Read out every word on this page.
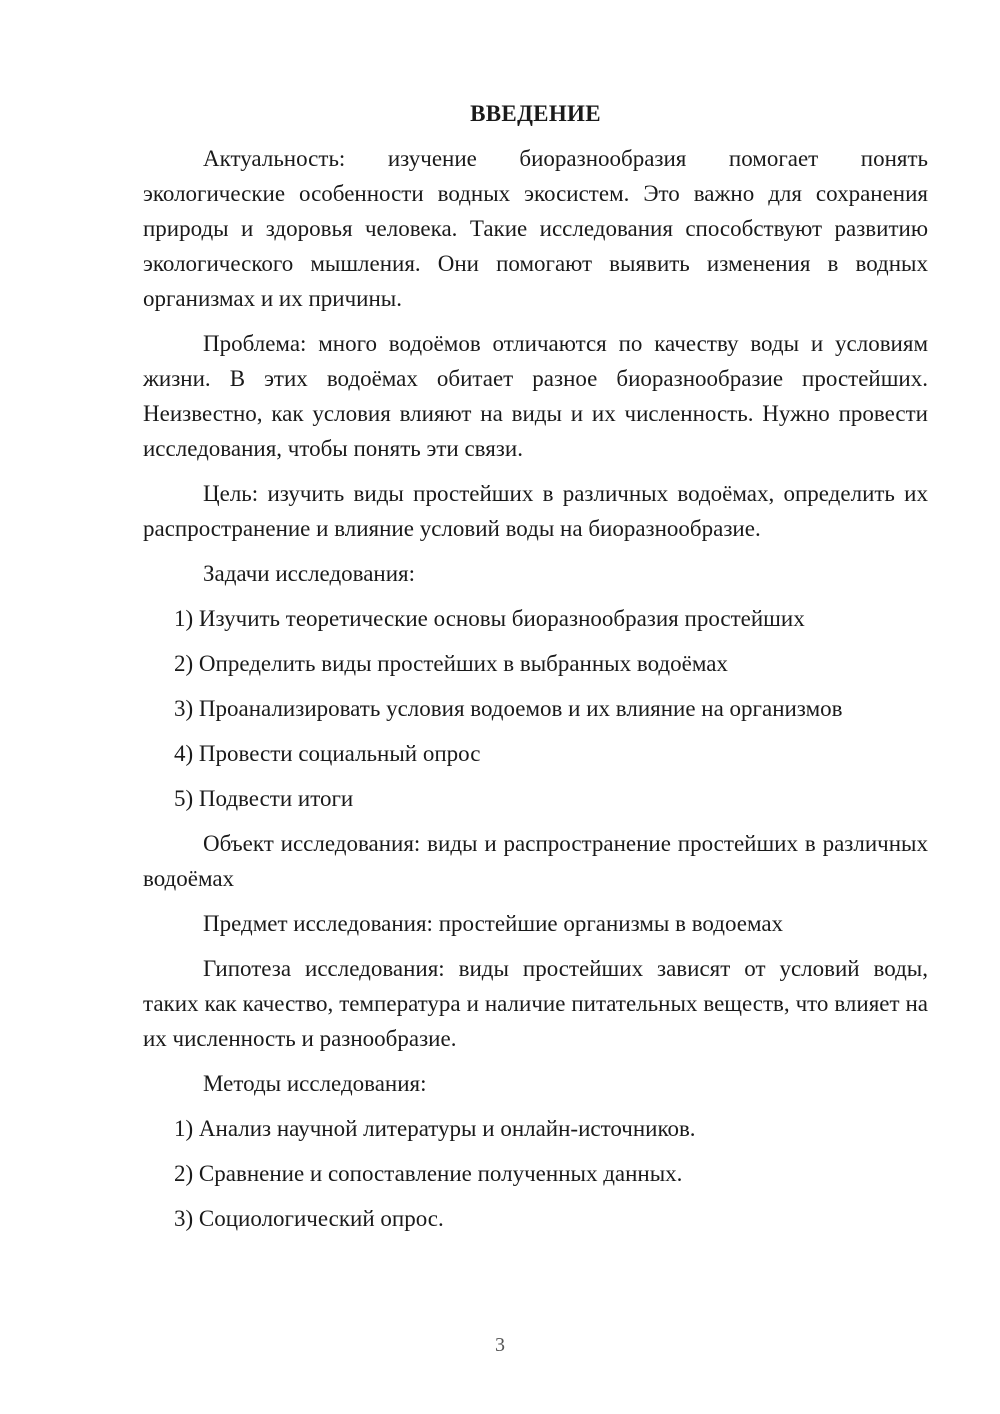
ВВЕДЕНИЕ

Актуальность: изучение биоразнообразия помогает понять экологические особенности водных экосистем. Это важно для сохранения природы и здоровья человека. Такие исследования способствуют развитию экологического мышления. Они помогают выявить изменения в водных организмах и их причины.

Проблема: много водоёмов отличаются по качеству воды и условиям жизни. В этих водоёмах обитает разное биоразнообразие простейших. Неизвестно, как условия влияют на виды и их численность. Нужно провести исследования, чтобы понять эти связи.

Цель: изучить виды простейших в различных водоёмах, определить их распространение и влияние условий воды на биоразнообразие.

Задачи исследования:
1) Изучить теоретические основы биоразнообразия простейших
2) Определить виды простейших в выбранных водоёмах
3) Проанализировать условия водоемов и их влияние на организмов
4) Провести социальный опрос
5) Подвести итоги

Объект исследования: виды и распространение простейших в различных водоёмах

Предмет исследования: простейшие организмы в водоемах

Гипотеза исследования: виды простейших зависят от условий воды, таких как качество, температура и наличие питательных веществ, что влияет на их численность и разнообразие.

Методы исследования:
1) Анализ научной литературы и онлайн-источников.
2) Сравнение и сопоставление полученных данных.
3) Социологический опрос.
3
